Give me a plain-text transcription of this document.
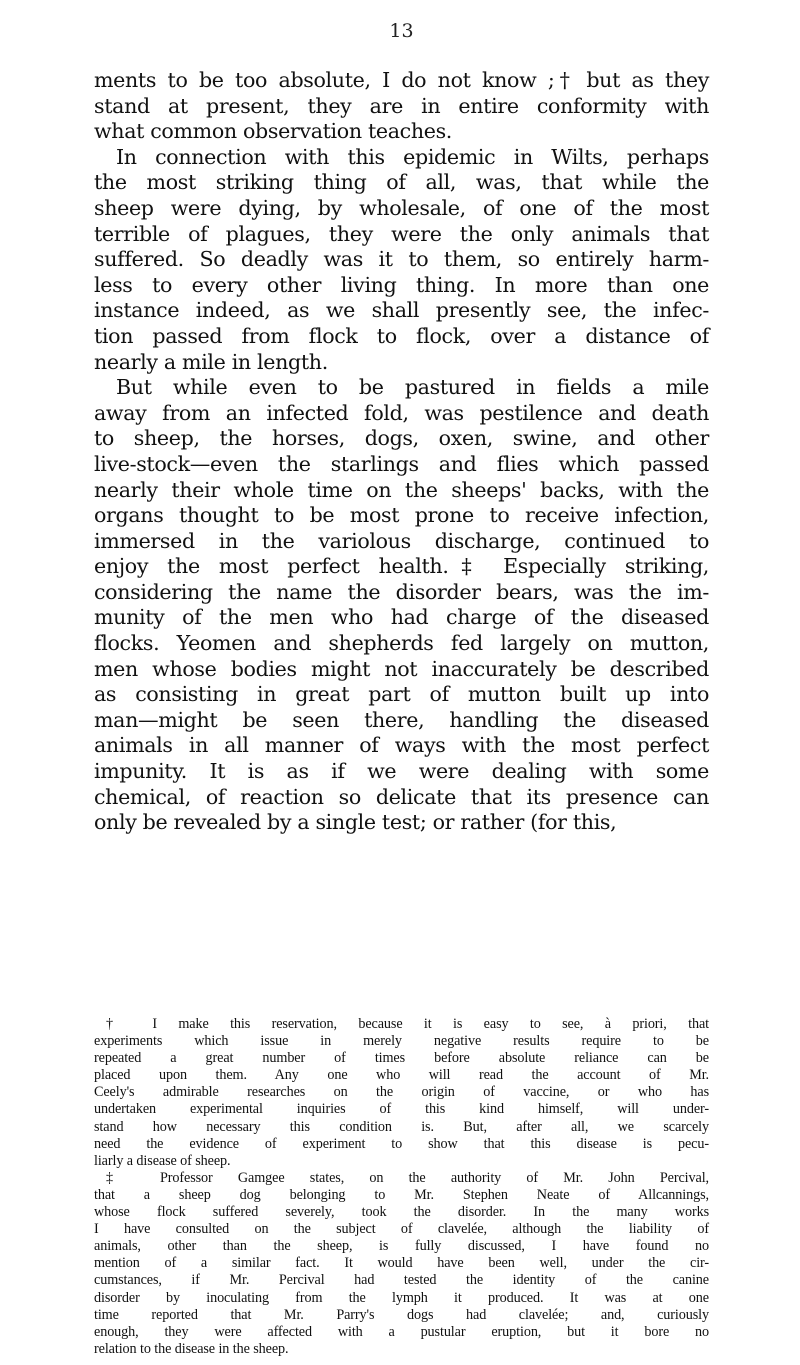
13
ments to be too absolute, I do not know ;† but as they
stand at present, they are in entire conformity with
what common observation teaches.
In connection with this epidemic in Wilts, perhaps
the most striking thing of all, was, that while the
sheep were dying, by wholesale, of one of the most
terrible of plagues, they were the only animals that
suffered. So deadly was it to them, so entirely harm-
less to every other living thing. In more than one
instance indeed, as we shall presently see, the infec-
tion passed from flock to flock, over a distance of
nearly a mile in length.
But while even to be pastured in fields a mile
away from an infected fold, was pestilence and death
to sheep, the horses, dogs, oxen, swine, and other
live-stock—even the starlings and flies which passed
nearly their whole time on the sheeps' backs, with the
organs thought to be most prone to receive infection,
immersed in the variolous discharge, continued to
enjoy the most perfect health.‡ Especially striking,
considering the name the disorder bears, was the im-
munity of the men who had charge of the diseased
flocks. Yeomen and shepherds fed largely on mutton,
men whose bodies might not inaccurately be described
as consisting in great part of mutton built up into
man—might be seen there, handling the diseased
animals in all manner of ways with the most perfect
impunity. It is as if we were dealing with some
chemical, of reaction so delicate that its presence can
only be revealed by a single test; or rather (for this,
† I make this reservation, because it is easy to see, à priori, that
experiments which issue in merely negative results require to be
repeated a great number of times before absolute reliance can be
placed upon them. Any one who will read the account of Mr.
Ceely's admirable researches on the origin of vaccine, or who has
undertaken experimental inquiries of this kind himself, will under-
stand how necessary this condition is. But, after all, we scarcely
need the evidence of experiment to show that this disease is pecu-
liarly a disease of sheep.
‡ Professor Gamgee states, on the authority of Mr. John Percival,
that a sheep dog belonging to Mr. Stephen Neate of Allcannings,
whose flock suffered severely, took the disorder. In the many works
I have consulted on the subject of clavelée, although the liability of
animals, other than the sheep, is fully discussed, I have found no
mention of a similar fact. It would have been well, under the cir-
cumstances, if Mr. Percival had tested the identity of the canine
disorder by inoculating from the lymph it produced. It was at one
time reported that Mr. Parry's dogs had clavelée; and, curiously
enough, they were affected with a pustular eruption, but it bore no
relation to the disease in the sheep.
